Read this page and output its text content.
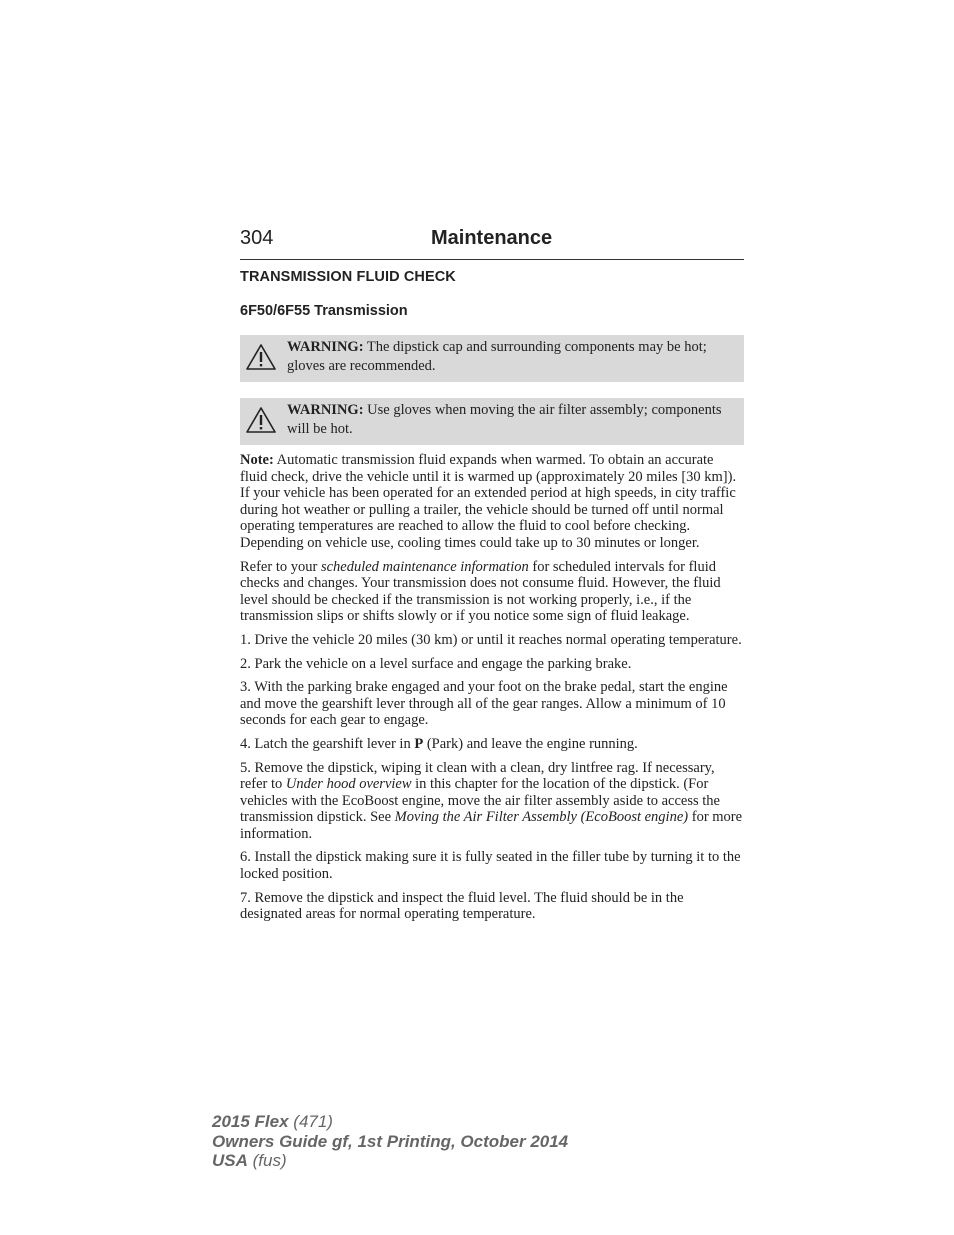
304	Maintenance
TRANSMISSION FLUID CHECK
6F50/6F55 Transmission
WARNING: The dipstick cap and surrounding components may be hot; gloves are recommended.
WARNING: Use gloves when moving the air filter assembly; components will be hot.

Note: Automatic transmission fluid expands when warmed. To obtain an accurate fluid check, drive the vehicle until it is warmed up (approximately 20 miles [30 km]). If your vehicle has been operated for an extended period at high speeds, in city traffic during hot weather or pulling a trailer, the vehicle should be turned off until normal operating temperatures are reached to allow the fluid to cool before checking. Depending on vehicle use, cooling times could take up to 30 minutes or longer.

Refer to your scheduled maintenance information for scheduled intervals for fluid checks and changes. Your transmission does not consume fluid. However, the fluid level should be checked if the transmission is not working properly, i.e., if the transmission slips or shifts slowly or if you notice some sign of fluid leakage.

1. Drive the vehicle 20 miles (30 km) or until it reaches normal operating temperature.

2. Park the vehicle on a level surface and engage the parking brake.

3. With the parking brake engaged and your foot on the brake pedal, start the engine and move the gearshift lever through all of the gear ranges. Allow a minimum of 10 seconds for each gear to engage.

4. Latch the gearshift lever in P (Park) and leave the engine running.

5. Remove the dipstick, wiping it clean with a clean, dry lintfree rag. If necessary, refer to Under hood overview in this chapter for the location of the dipstick. (For vehicles with the EcoBoost engine, move the air filter assembly aside to access the transmission dipstick. See Moving the Air Filter Assembly (EcoBoost engine) for more information.

6. Install the dipstick making sure it is fully seated in the filler tube by turning it to the locked position.

7. Remove the dipstick and inspect the fluid level. The fluid should be in the designated areas for normal operating temperature.

2015 Flex (471)
Owners Guide gf, 1st Printing, October 2014
USA (fus)
